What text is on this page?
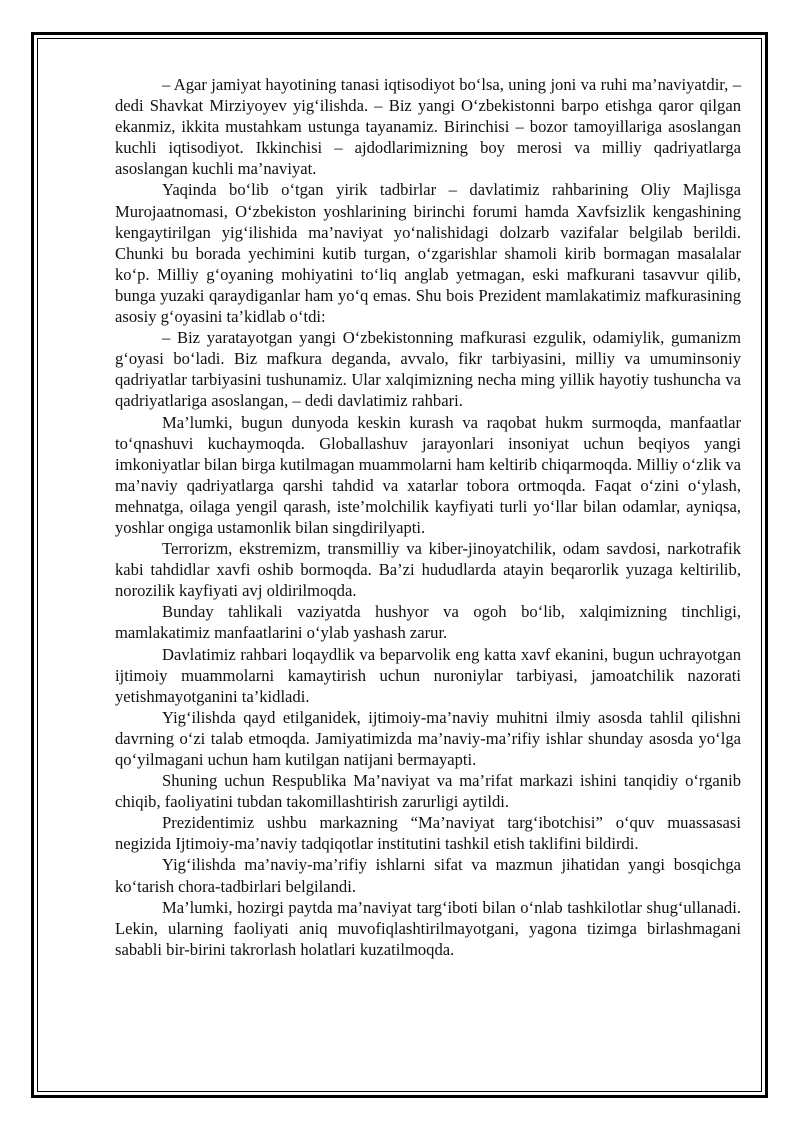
– Agar jamiyat hayotining tanasi iqtisodiyot bo‘lsa, uning joni va ruhi ma’naviyatdir, – dedi Shavkat Mirziyoyev yig‘ilishda. – Biz yangi O‘zbekistonni barpo etishga qaror qilgan ekanmiz, ikkita mustahkam ustunga tayanamiz. Birinchisi – bozor tamoyillariga asoslangan kuchli iqtisodiyot. Ikkinchisi – ajdodlarimizning boy merosi va milliy qadriyatlarga asoslangan kuchli ma’naviyat.

Yaqinda bo‘lib o‘tgan yirik tadbirlar – davlatimiz rahbarining Oliy Majlisga Murojaatnomasi, O‘zbekiston yoshlarining birinchi forumi hamda Xavfsizlik kengashining kengaytirilgan yig‘ilishida ma’naviyat yo‘nalishidagi dolzarb vazifalar belgilab berildi. Chunki bu borada yechimini kutib turgan, o‘zgarishlar shamoli kirib bormagan masalalar ko‘p. Milliy g‘oyaning mohiyatini to‘liq anglab yetmagan, eski mafkurani tasavvur qilib, bunga yuzaki qaraydiganlar ham yo‘q emas. Shu bois Prezident mamlakatimiz mafkurasining asosiy g‘oyasini ta’kidlab o‘tdi:

– Biz yaratayotgan yangi O‘zbekistonning mafkurasi ezgulik, odamiylik, gumanizm g‘oyasi bo‘ladi. Biz mafkura deganda, avvalo, fikr tarbiyasini, milliy va umuminsoniy qadriyatlar tarbiyasini tushunamiz. Ular xalqimizning necha ming yillik hayotiy tushuncha va qadriyatlariga asoslangan, – dedi davlatimiz rahbari.

Ma’lumki, bugun dunyoda keskin kurash va raqobat hukm surmoqda, manfaatlar to‘qnashuvi kuchaymoqda. Globallashuv jarayonlari insoniyat uchun beqiyos yangi imkoniyatlar bilan birga kutilmagan muammolarni ham keltirib chiqarmoqda. Milliy o‘zlik va ma’naviy qadriyatlarga qarshi tahdid va xatarlar tobora ortmoqda. Faqat o‘zini o‘ylash, mehnatga, oilaga yengil qarash, iste’molchilik kayfiyati turli yo‘llar bilan odamlar, ayniqsa, yoshlar ongiga ustamonlik bilan singdirilyapti.

Terrorizm, ekstremizm, transmilliy va kiber-jinoyatchilik, odam savdosi, narkotrafik kabi tahdidlar xavfi oshib bormoqda. Ba’zi hududlarda atayin beqarorlik yuzaga keltirilib, norozilik kayfiyati avj oldirilmoqda.

Bunday tahlikali vaziyatda hushyor va ogoh bo‘lib, xalqimizning tinchligi, mamlakatimiz manfaatlarini o‘ylab yashash zarur.

Davlatimiz rahbari loqaydlik va beparvolik eng katta xavf ekanini, bugun uchrayotgan ijtimoiy muammolarni kamaytirish uchun nuroniylar tarbiyasi, jamoatchilik nazorati yetishmayotganini ta’kidladi.

Yig‘ilishda qayd etilganidek, ijtimoiy-ma’naviy muhitni ilmiy asosda tahlil qilishni davrning o‘zi talab etmoqda. Jamiyatimizda ma’naviy-ma’rifiy ishlar shunday asosda yo‘lga qo‘yilmagani uchun ham kutilgan natijani bermayapti.

Shuning uchun Respublika Ma’naviyat va ma’rifat markazi ishini tanqidiy o‘rganib chiqib, faoliyatini tubdan takomillashtirish zarurligi aytildi.

Prezidentimiz ushbu markazning “Ma’naviyat targ‘ibotchisi” o‘quv muassasasi negizida Ijtimoiy-ma’naviy tadqiqotlar institutini tashkil etish taklifini bildirdi.

Yig‘ilishda ma’naviy-ma’rifiy ishlarni sifat va mazmun jihatidan yangi bosqichga ko‘tarish chora-tadbirlari belgilandi.

Ma’lumki, hozirgi paytda ma’naviyat targ‘iboti bilan o‘nlab tashkilotlar shug‘ullanadi. Lekin, ularning faoliyati aniq muvofiqlashtirilmayotgani, yagona tizimga birlashmagani sababli bir-birini takrorlash holatlari kuzatilmoqda.
